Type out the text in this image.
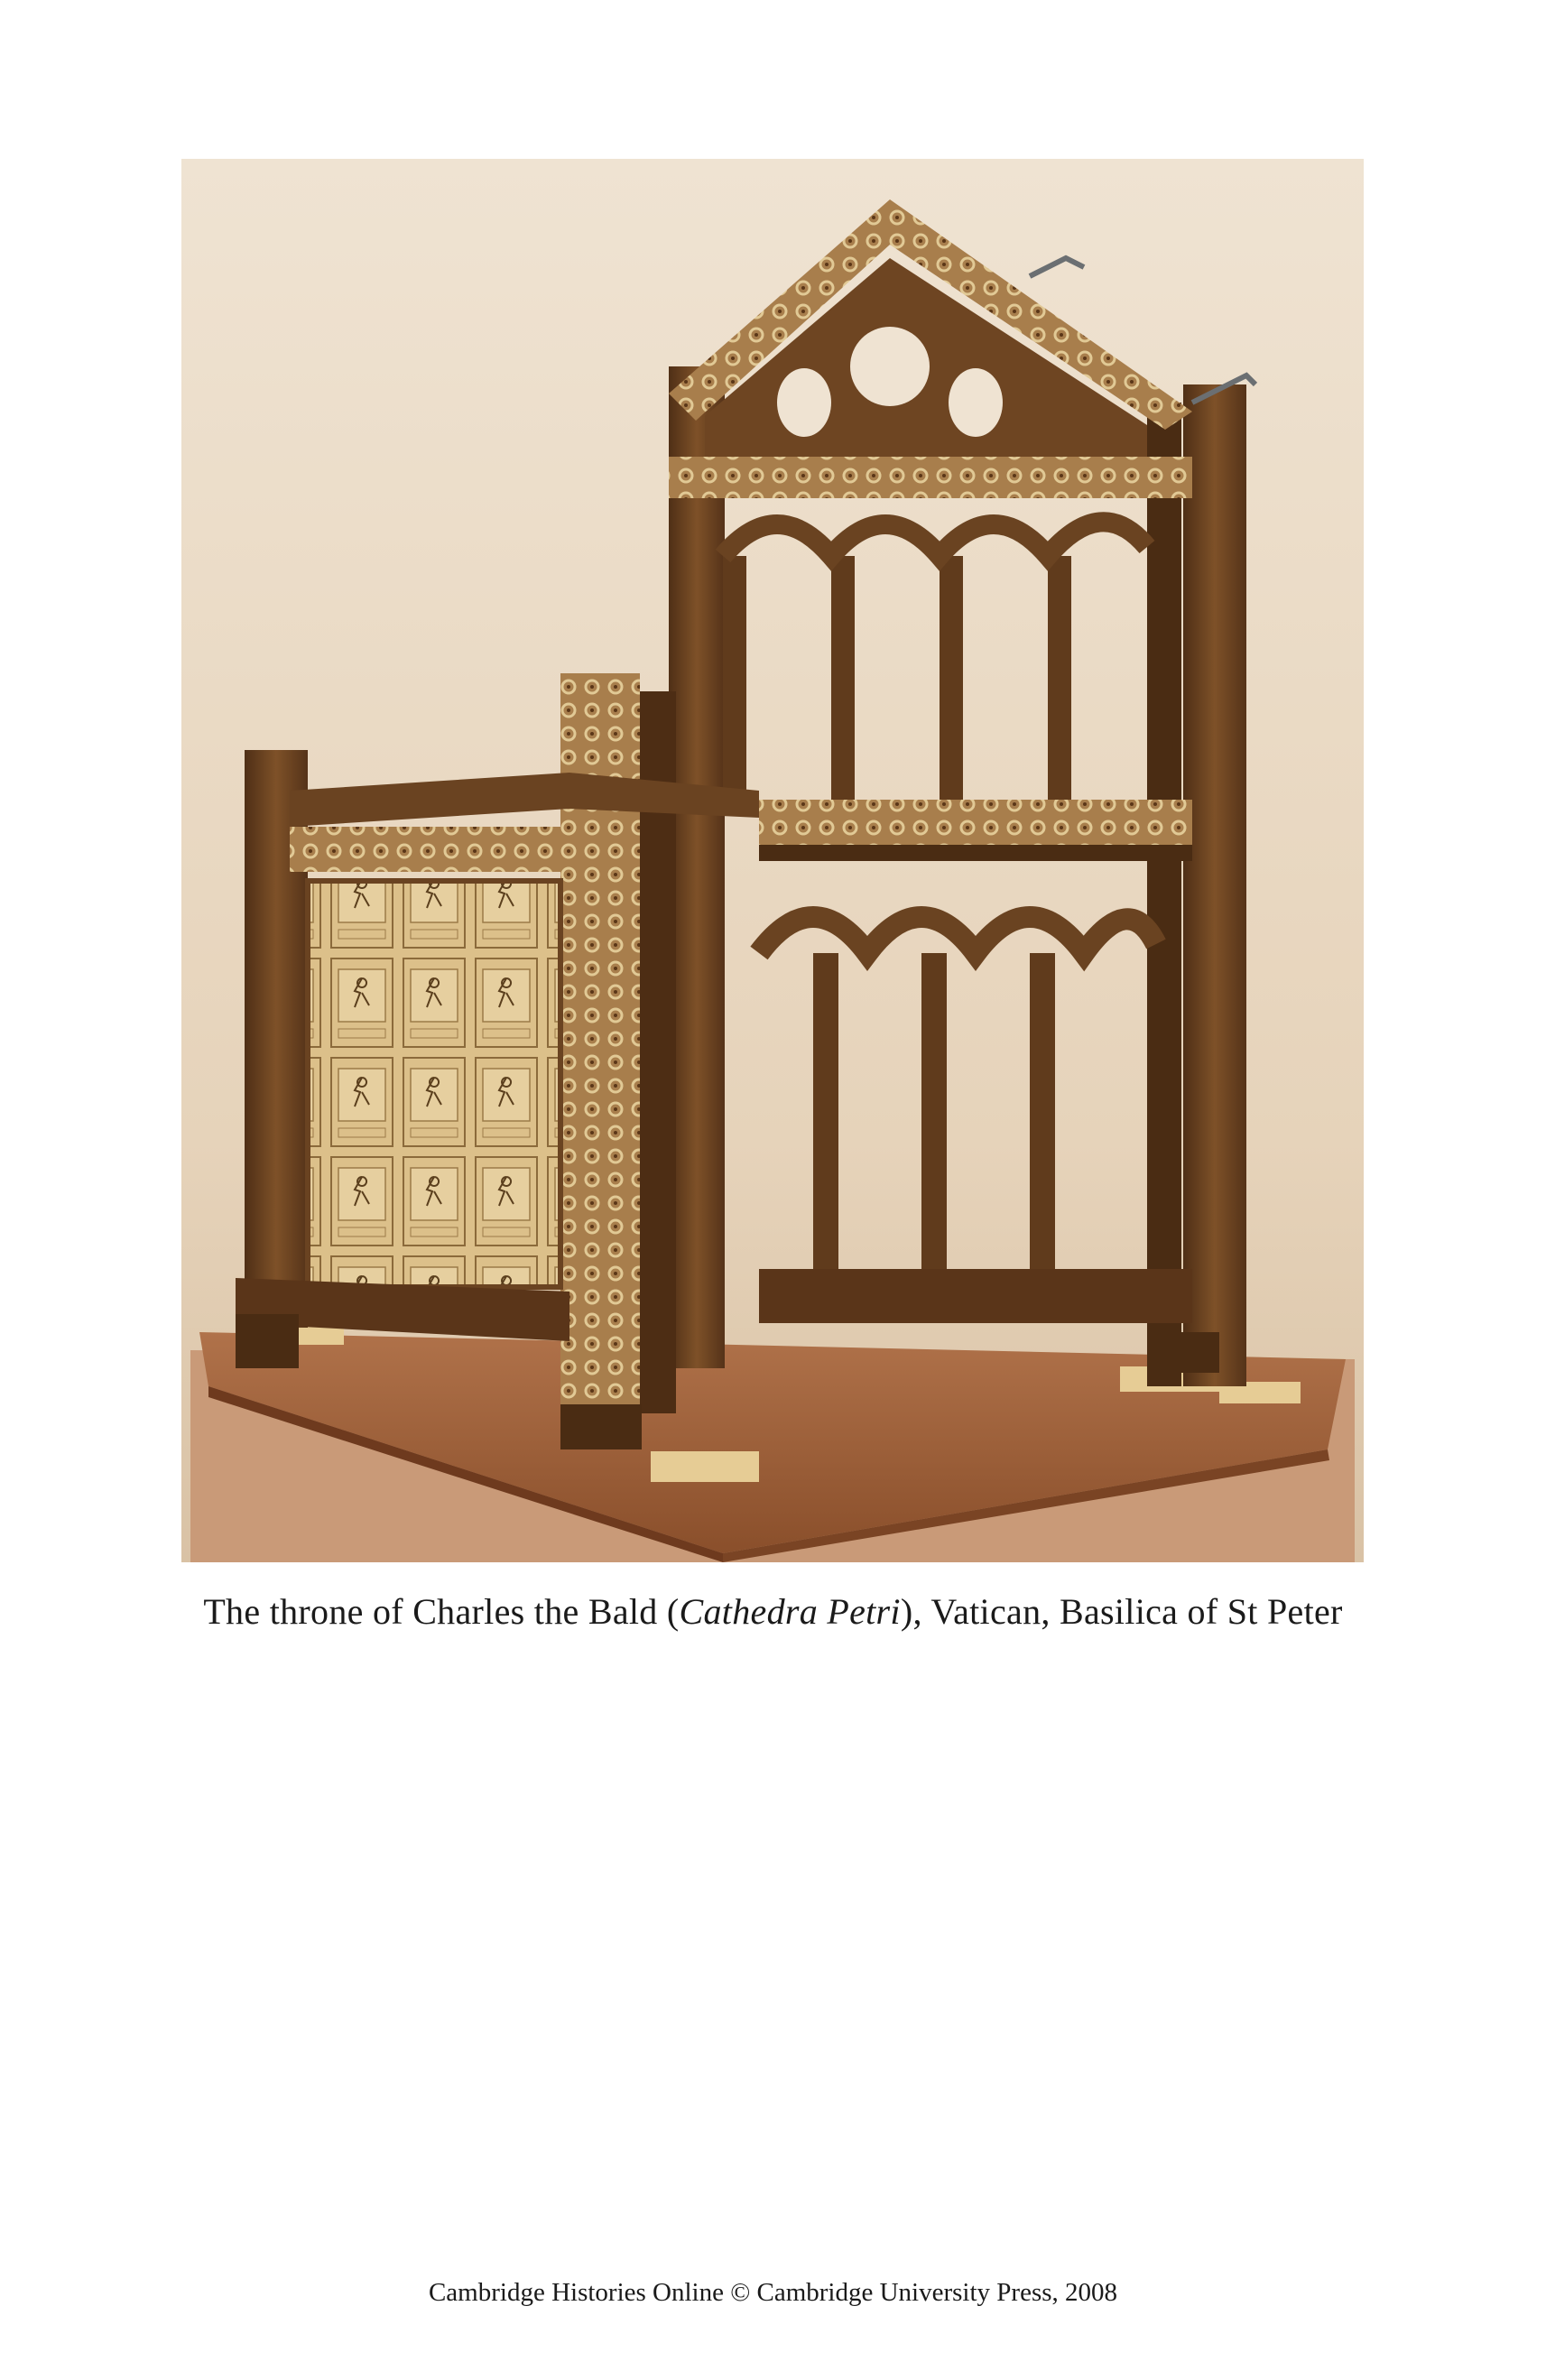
The throne of Charles the Bald (Cathedra Petri), Vatican, Basilica of St Peter
Cambridge Histories Online © Cambridge University Press, 2008
